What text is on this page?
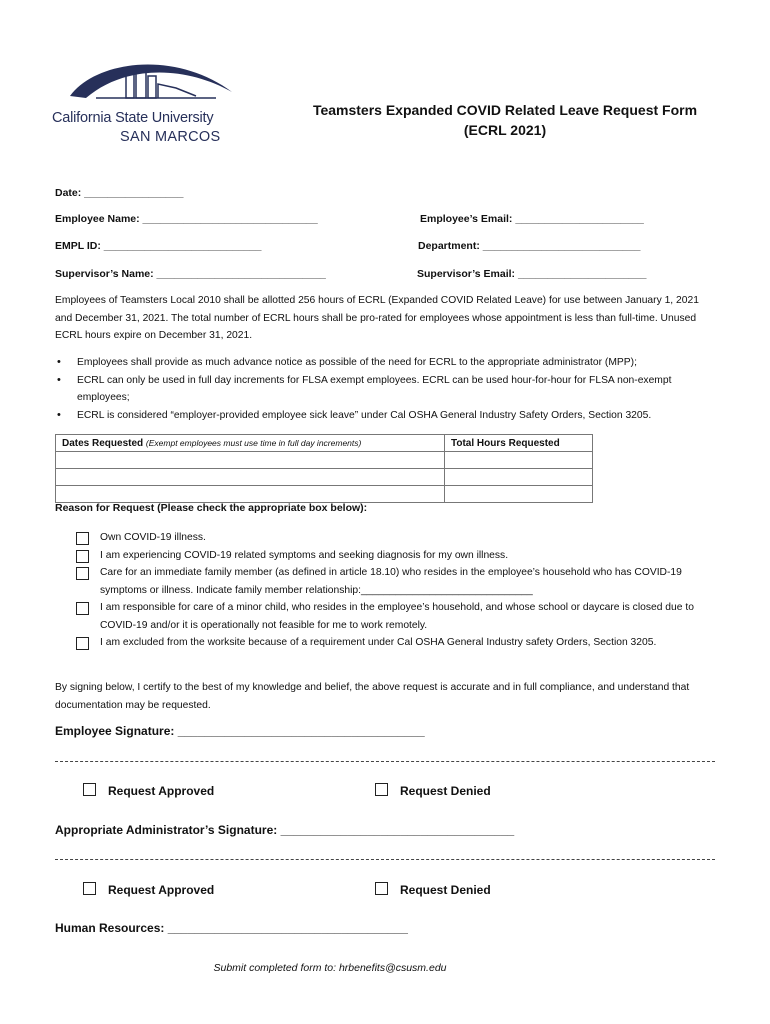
California State University
SAN MARCOS
Teamsters Expanded COVID Related Leave Request Form
(ECRL 2021)
Date: _________________
Employee Name: ______________________________	Employee’s Email: ______________________
EMPL ID: ___________________________	Department: ___________________________
Supervisor’s Name: _____________________________	Supervisor’s Email: ______________________
Employees of Teamsters Local 2010 shall be allotted 256 hours of ECRL (Expanded COVID Related Leave) for use between January 1, 2021 and December 31, 2021. The total number of ECRL hours shall be pro-rated for employees whose appointment is less than full-time. Unused ECRL hours expire on December 31, 2021.
• Employees shall provide as much advance notice as possible of the need for ECRL to the appropriate administrator (MPP);
• ECRL can only be used in full day increments for FLSA exempt employees. ECRL can be used hour-for-hour for FLSA non-exempt employees;
• ECRL is considered “employer-provided employee sick leave” under Cal OSHA General Industry Safety Orders, Section 3205.
Dates Requested (Exempt employees must use time in full day increments)	Total Hours Requested

Reason for Request (Please check the appropriate box below):
Own COVID-19 illness.
I am experiencing COVID-19 related symptoms and seeking diagnosis for my own illness.
Care for an immediate family member (as defined in article 18.10) who resides in the employee’s household who has COVID-19 symptoms or illness. Indicate family member relationship:______________________________
I am responsible for care of a minor child, who resides in the employee’s household, and whose school or daycare is closed due to COVID-19 and/or it is operationally not feasible for me to work remotely.
I am excluded from the worksite because of a requirement under Cal OSHA General Industry safety Orders, Section 3205.
By signing below, I certify to the best of my knowledge and belief, the above request is accurate and in full compliance, and understand that documentation may be requested.
Employee Signature: _____________________________________
Request Approved	Request Denied
Appropriate Administrator’s Signature: ___________________________________
Request Approved	Request Denied
Human Resources: ____________________________________
Submit completed form to: hrbenefits@csusm.edu
